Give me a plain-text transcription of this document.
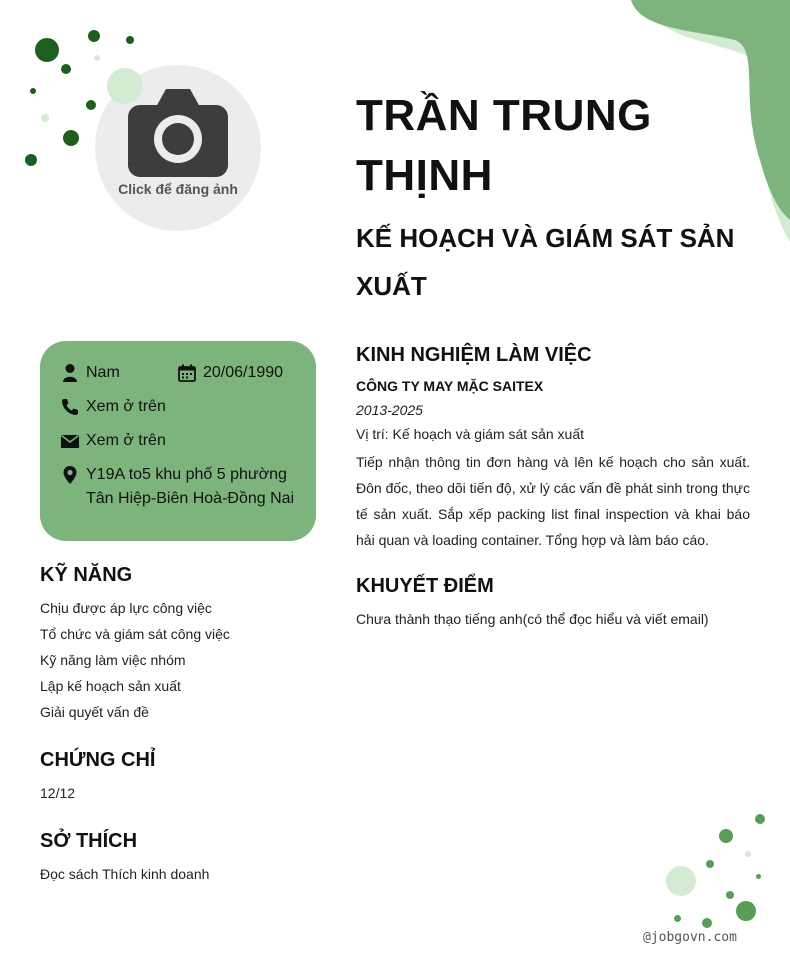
Click để đăng ảnh
TRẦN TRUNG THỊNH
KẾ HOẠCH VÀ GIÁM SÁT SẢN XUẤT
Nam	20/06/1990
Xem ở trên
Xem ở trên
Y19A to5 khu phố 5 phường
Tân Hiệp-Biên Hoà-Đồng Nai
KỸ NĂNG
Chịu được áp lực công việc
Tổ chức và giám sát công việc
Kỹ năng làm việc nhóm
Lập kế hoạch sản xuất
Giải quyết vấn đề
CHỨNG CHỈ
12/12
SỞ THÍCH
Đọc sách Thích kinh doanh
KINH NGHIỆM LÀM VIỆC
CÔNG TY MAY MẶC SAITEX
2013-2025
Vị trí: Kế hoạch và giám sát sản xuất
Tiếp nhận thông tin đơn hàng và lên kế hoạch cho sản xuất. Đôn đốc, theo dõi tiến độ, xử lý các vấn đề phát sinh trong thực tế sản xuất. Sắp xếp packing list final inspection và khai báo hải quan và loading container. Tổng hợp và làm báo cáo.
KHUYẾT ĐIỂM
Chưa thành thạo tiếng anh(có thể đọc hiểu và viết email)
@jobgovn.com
